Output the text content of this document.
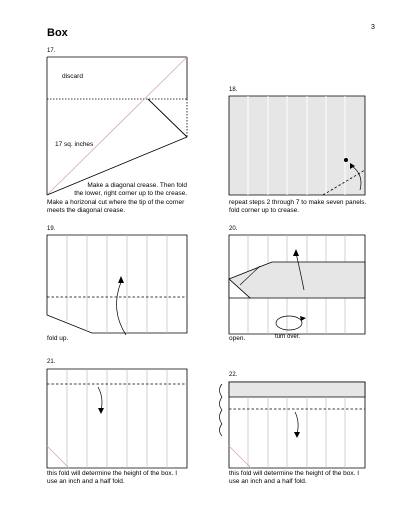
3
Box
17.
discard
17 sq. inches
Make a diagonal crease. Then fold
the lower, right corner up to the crease.
Make a horizonal cut where the tip of the corner
meets the diagonal crease.
18.
repeat steps 2 through 7 to make seven panels.
fold corner up to crease.
19.
fold up.
20.
open.	turn over.
21.
this fold will determine the height of the box. I
use an inch and a half fold.
22.
this fold will determine the height of the box. I
use an inch and a half fold.
